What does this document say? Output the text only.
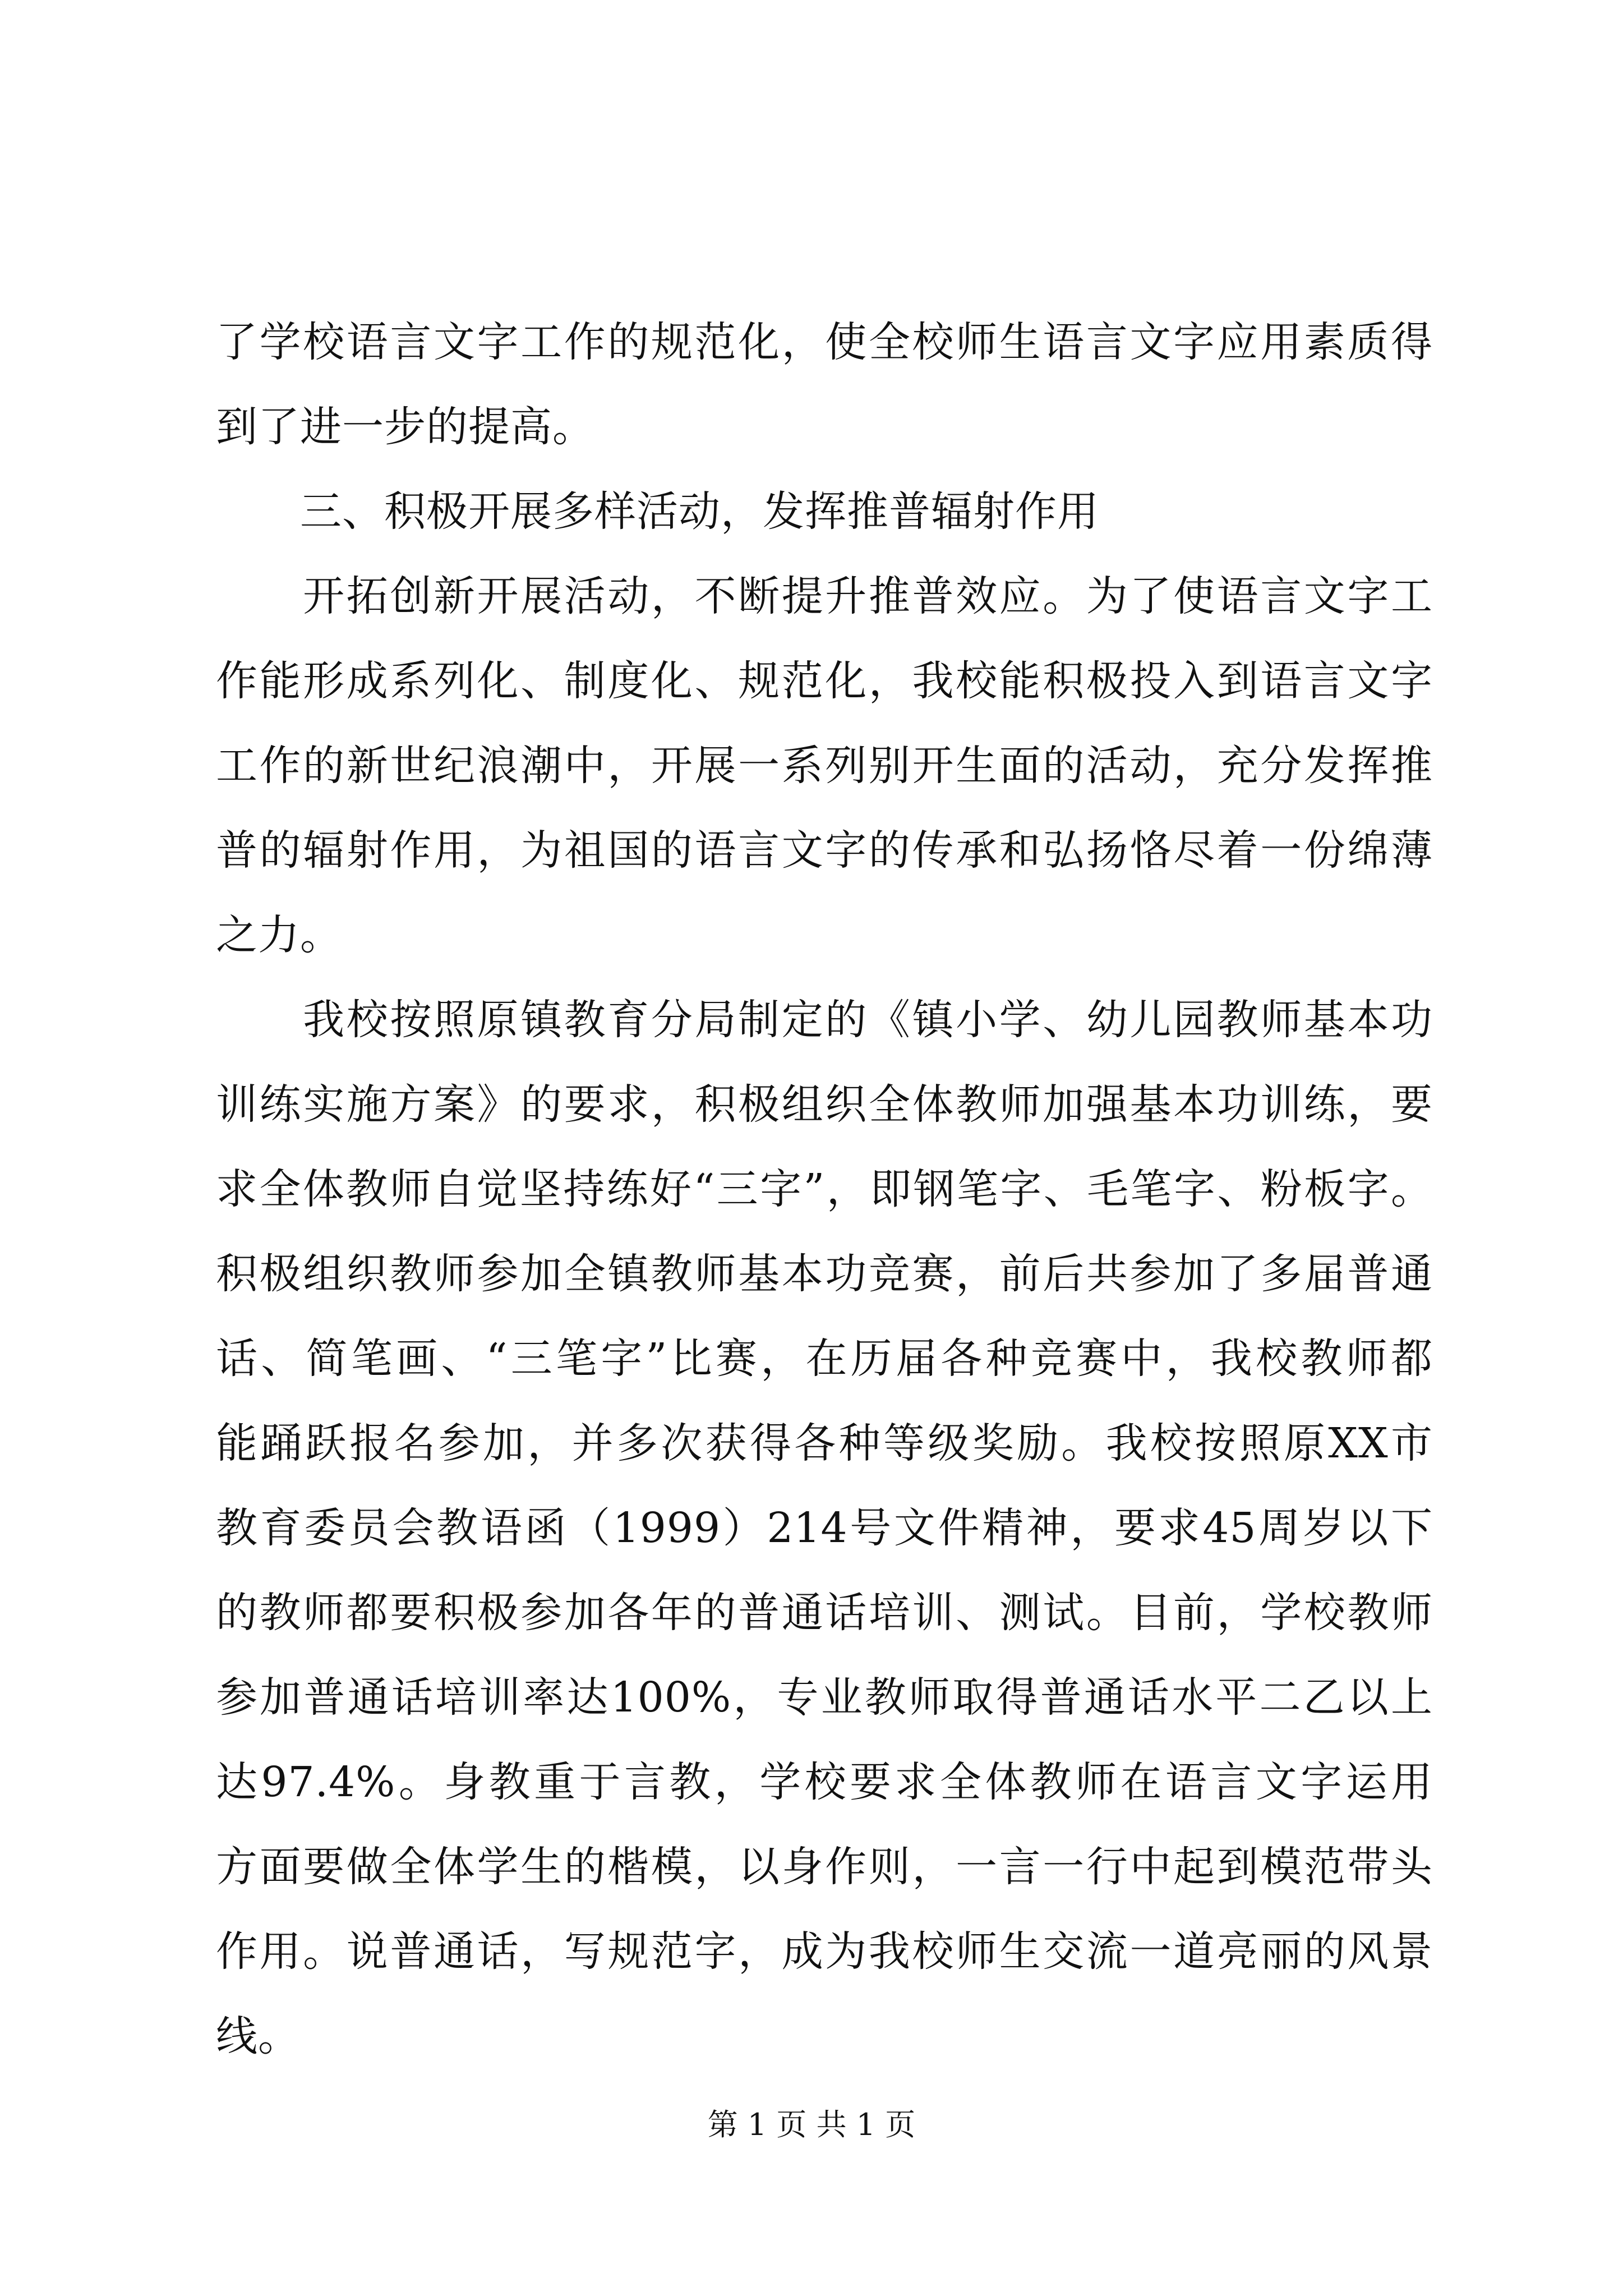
了学校语言文字工作的规范化，使全校师生语言文字应用素质得
到了进一步的提高。
　　三、积极开展多样活动，发挥推普辐射作用
　　开拓创新开展活动，不断提升推普效应。为了使语言文字工
作能形成系列化、制度化、规范化，我校能积极投入到语言文字
工作的新世纪浪潮中，开展一系列别开生面的活动，充分发挥推
普的辐射作用，为祖国的语言文字的传承和弘扬恪尽着一份绵薄
之力。
　　我校按照原镇教育分局制定的《镇小学、幼儿园教师基本功
训练实施方案》的要求，积极组织全体教师加强基本功训练，要
求全体教师自觉坚持练好“三字”，即钢笔字、毛笔字、粉板字。
积极组织教师参加全镇教师基本功竞赛，前后共参加了多届普通
话、简笔画、“三笔字”比赛，在历届各种竞赛中，我校教师都
能踊跃报名参加，并多次获得各种等级奖励。我校按照原XX市
教育委员会教语函（1999）214号文件精神，要求45周岁以下
的教师都要积极参加各年的普通话培训、测试。目前，学校教师
参加普通话培训率达100%，专业教师取得普通话水平二乙以上
达97.4%。身教重于言教，学校要求全体教师在语言文字运用
方面要做全体学生的楷模，以身作则，一言一行中起到模范带头
作用。说普通话，写规范字，成为我校师生交流一道亮丽的风景
线。
第 1 页 共 1 页
